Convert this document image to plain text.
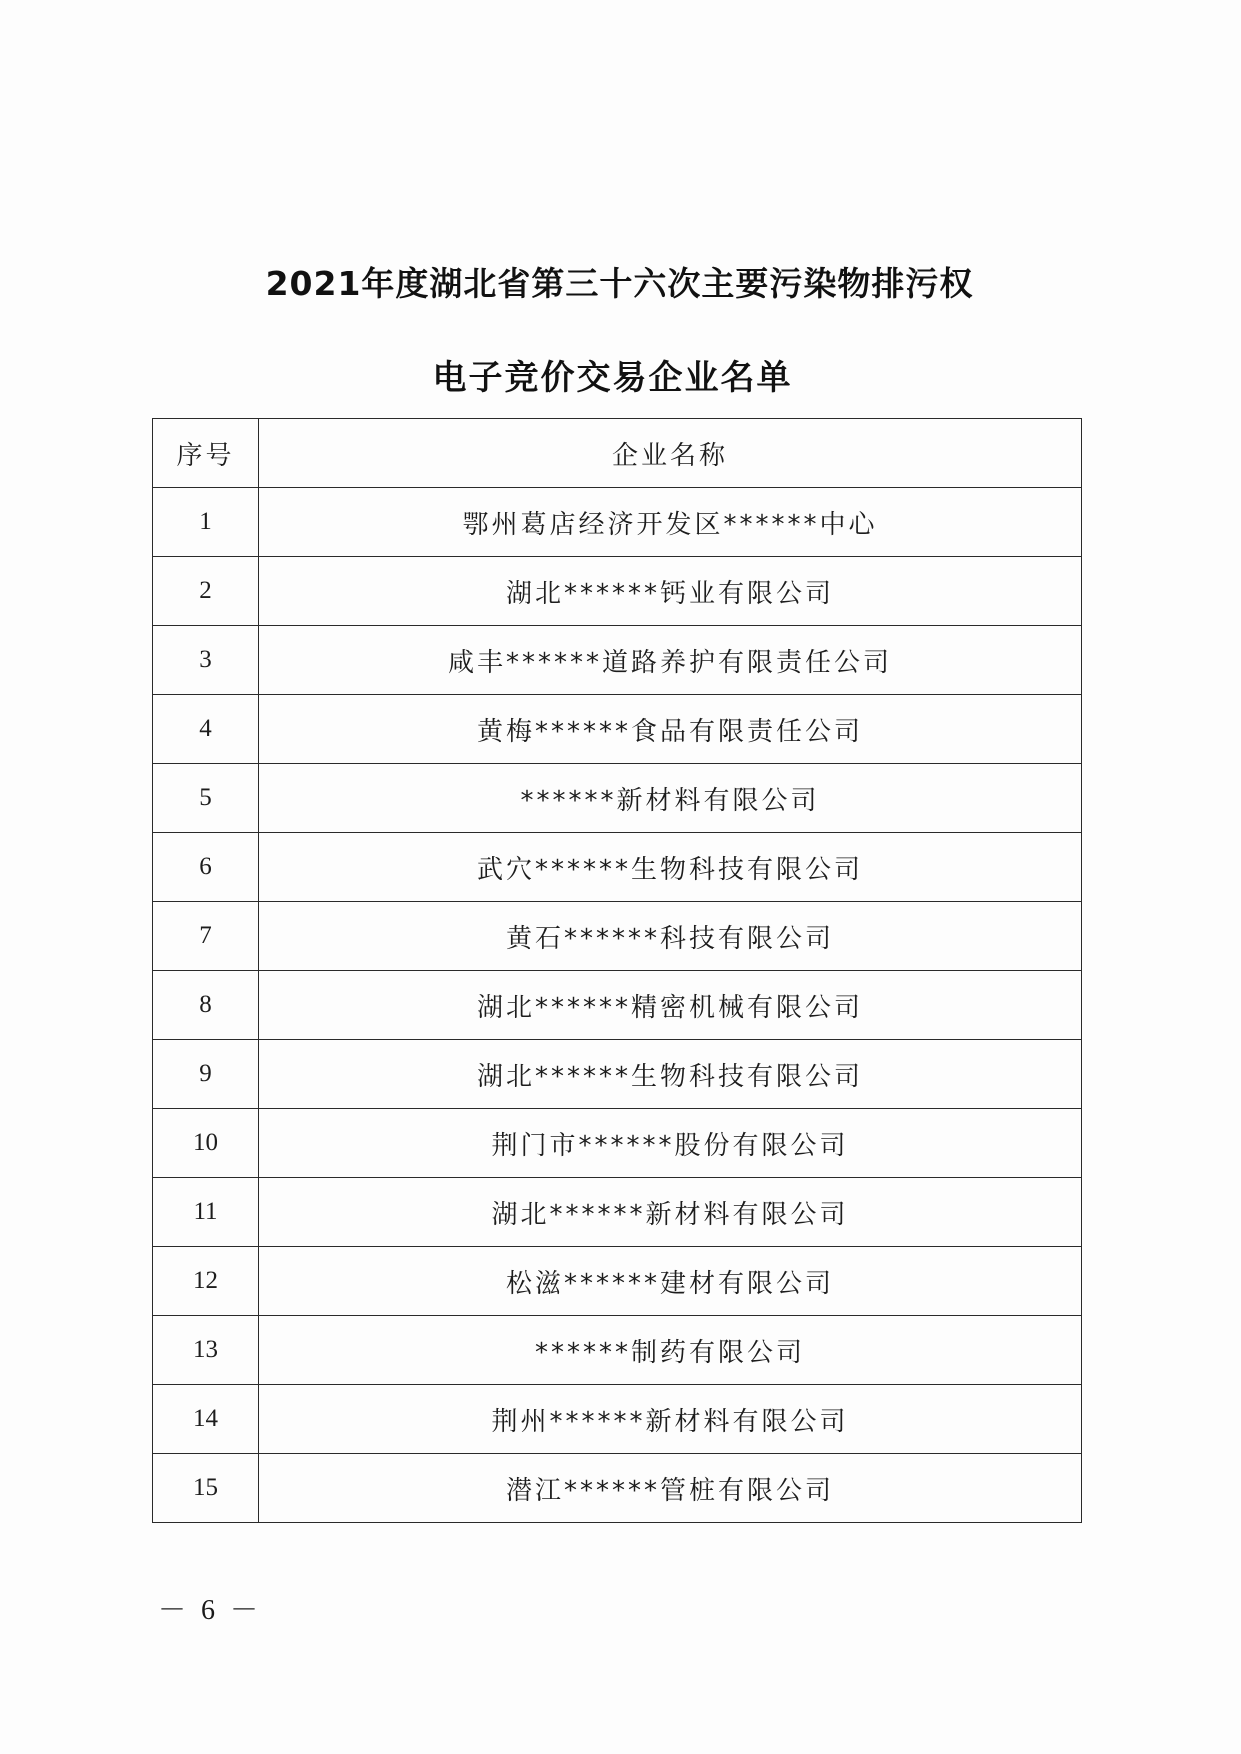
2021年度湖北省第三十六次主要污染物排污权
电子竞价交易企业名单
序号	企业名称
1	鄂州葛店经济开发区******中心
2	湖北******钙业有限公司
3	咸丰******道路养护有限责任公司
4	黄梅******食品有限责任公司
5	******新材料有限公司
6	武穴******生物科技有限公司
7	黄石******科技有限公司
8	湖北******精密机械有限公司
9	湖北******生物科技有限公司
10	荆门市******股份有限公司
11	湖北******新材料有限公司
12	松滋******建材有限公司
13	******制药有限公司
14	荆州******新材料有限公司
15	潜江******管桩有限公司
－ 6 －
